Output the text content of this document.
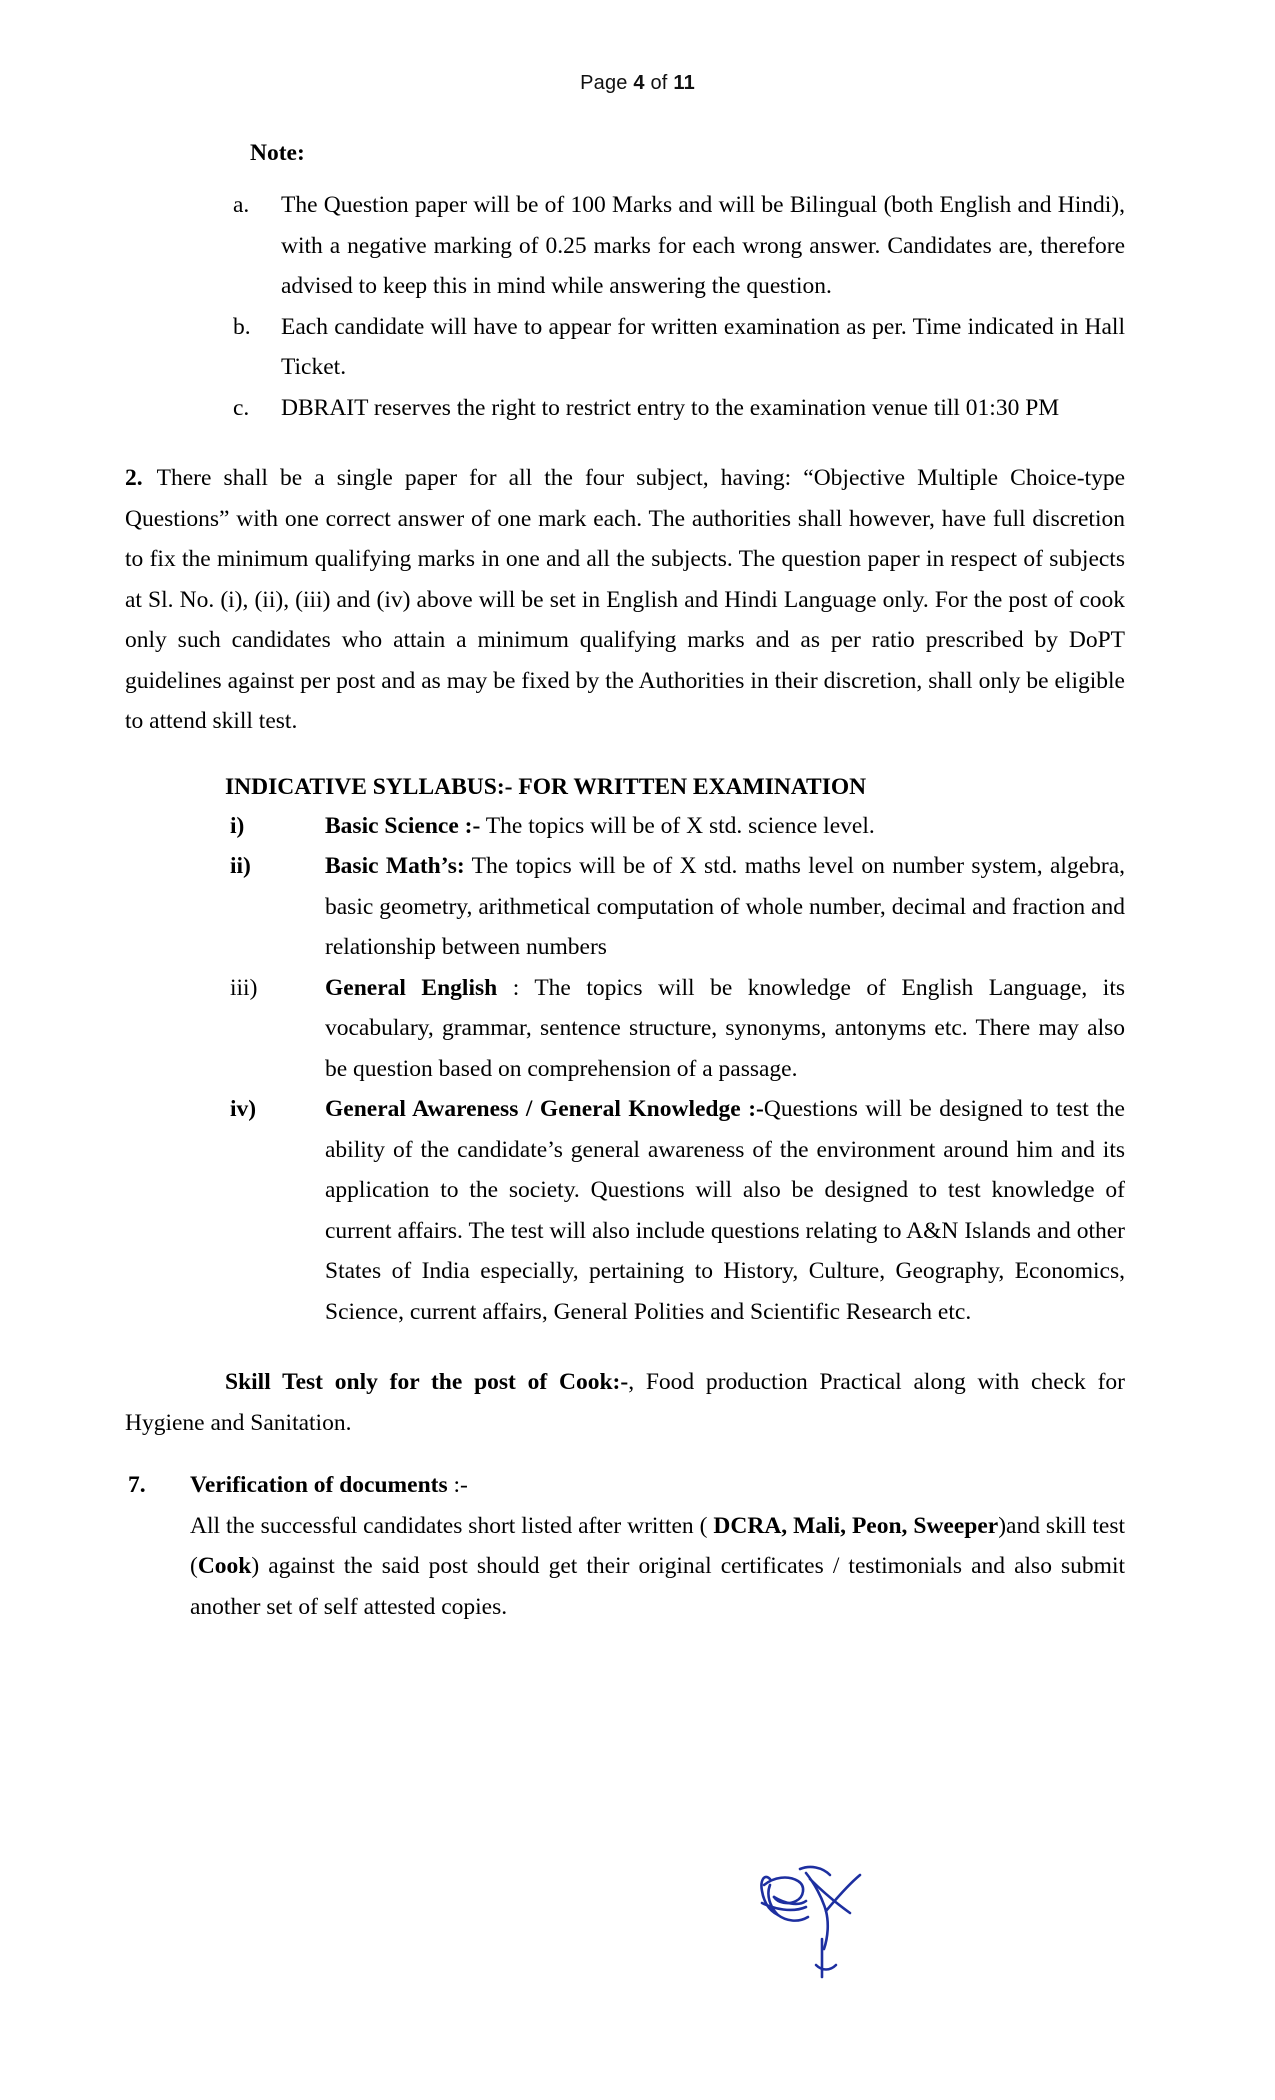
Page 4 of 11
Note:
a.	The Question paper will be of 100 Marks and will be Bilingual (both English and Hindi), with a negative marking of 0.25 marks for each wrong answer. Candidates are, therefore advised to keep this in mind while answering the question.
b.	Each candidate will have to appear for written examination as per. Time indicated in Hall Ticket.
c.	DBRAIT reserves the right to restrict entry to the examination venue till 01:30 PM
2. There shall be a single paper for all the four subject, having: “Objective Multiple Choice-type Questions” with one correct answer of one mark each. The authorities shall however, have full discretion to fix the minimum qualifying marks in one and all the subjects. The question paper in respect of subjects at Sl. No. (i), (ii), (iii) and (iv) above will be set in English and Hindi Language only. For the post of cook only such candidates who attain a minimum qualifying marks and as per ratio prescribed by DoPT guidelines against per post and as may be fixed by the Authorities in their discretion, shall only be eligible to attend skill test.
INDICATIVE SYLLABUS:- FOR WRITTEN EXAMINATION
i)	Basic Science :- The topics will be of X std. science level.
ii)	Basic Math’s: The topics will be of X std. maths level on number system, algebra, basic geometry, arithmetical computation of whole number, decimal and fraction and relationship between numbers
iii)	General English : The topics will be knowledge of English Language, its vocabulary, grammar, sentence structure, synonyms, antonyms etc. There may also be question based on comprehension of a passage.
iv)	General Awareness / General Knowledge :-Questions will be designed to test the ability of the candidate’s general awareness of the environment around him and its application to the society. Questions will also be designed to test knowledge of current affairs. The test will also include questions relating to A&N Islands and other States of India especially, pertaining to History, Culture, Geography, Economics, Science, current affairs, General Polities and Scientific Research etc.
Skill Test only for the post of Cook:-, Food production Practical along with check for Hygiene and Sanitation.
7. Verification of documents :-
All the successful candidates short listed after written ( DCRA, Mali, Peon, Sweeper)and skill test (Cook) against the said post should get their original certificates / testimonials and also submit another set of self attested copies.
